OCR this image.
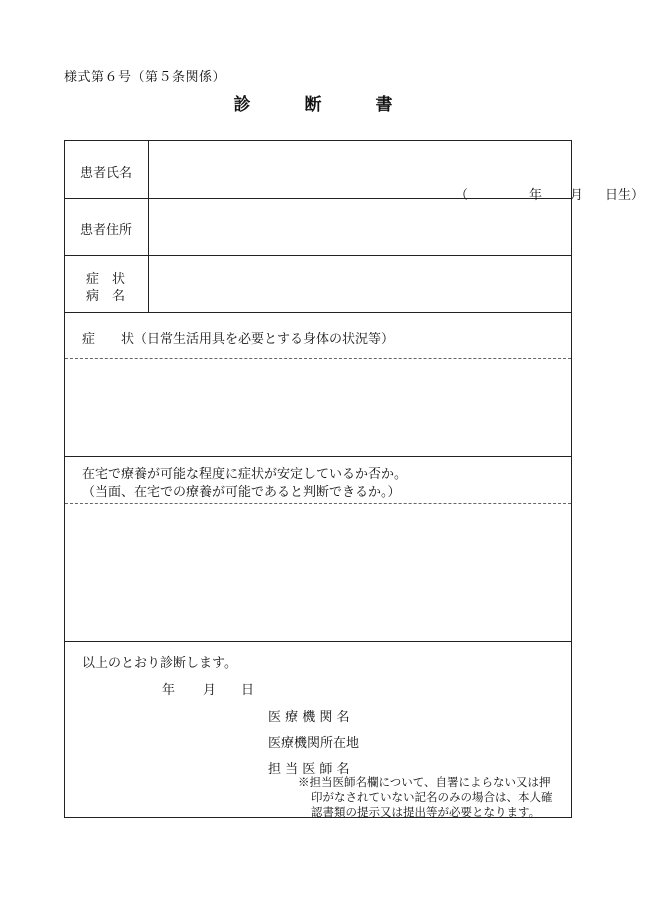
様式第６号（第５条関係）
診	断	書
患者氏名
（	年 月 日生）
患者住所
症　状
病　名
症　　状（日常生活用具を必要とする身体の状況等）
在宅で療養が可能な程度に症状が安定しているか否か。
（当面、在宅での療養が可能であると判断できるか。）
以上のとおり診断します。
年 月 日
医 療 機 関 名
医療機関所在地
担 当 医 師 名
※担当医師名欄について、自署によらない又は押
印がなされていない記名のみの場合は、本人確
認書類の提示又は提出等が必要となります。
